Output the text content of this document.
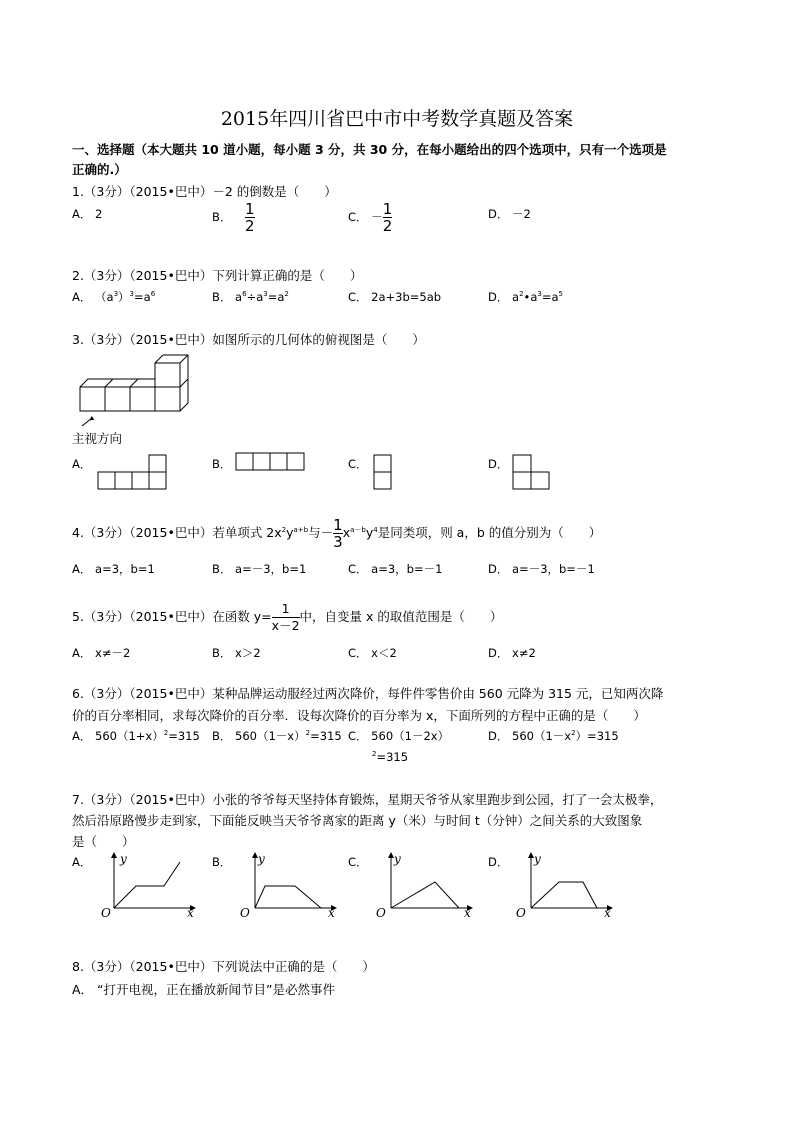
2015年四川省巴中市中考数学真题及答案
一、选择题（本大题共 10 道小题，每小题 3 分，共 30 分，在每小题给出的四个选项中，只有一个选项是
正确的.）
1.（3分）（2015•巴中）－2 的倒数是（　　）
A． 2	B． $\frac{1}{2}$	C． － $\frac{1}{2}$	D． －2
2.（3分）（2015•巴中）下列计算正确的是（　　）
A． $(a^3)^3=a^6$	B． $a^6\div a^3=a^2$	C． 2a+3b=5ab	D． $a^2•a^3=a^5$
3.（3分）（2015•巴中）如图所示的几何体的俯视图是（　　）
主视方向
A．	B．	C．	D．
4.（3分）（2015•巴中）若单项式 $2x^2y^{a+b}$与－ $\frac{1}{3} x^{a-b}y^4$是同类项，则 a，b 的值分别为（　　）
A． a=3，b=1	B． a=－3，b=1	C． a=3，b=－1	D． a=－3，b=－1
5.（3分）（2015•巴中）在函数 $y= \frac{1}{x-2}$ 中，自变量 x 的取值范围是（　　）
A． x≠－2	B． x＞2	C． x＜2	D． x≠2
6.（3分）（2015•巴中）某种品牌运动服经过两次降价，每件件零售价由 560 元降为 315 元，已知两次降
价的百分率相同，求每次降价的百分率．设每次降价的百分率为 x，下面所列的方程中正确的是（　　）
A． $560(1+x)^2=315$ B． $560(1-x)^2=315$ C． 560（1－2x）
$^2$=315
D． $560(1-x^2)=315$
7.（3分）（2015•巴中）小张的爷爷每天坚持体育锻炼，星期天爷爷从家里跑步到公园，打了一会太极拳，
然后沿原路慢步走到家，下面能反映当天爷爷离家的距离 y（米）与时间 t（分钟）之间关系的大致图象
是（　　）
A．	B．	C．	D．
y
x
O
y
x
O
y
x
O
y
x
O
8.（3分）（2015•巴中）下列说法中正确的是（　　）
A． “打开电视，正在播放新闻节目”是必然事件
